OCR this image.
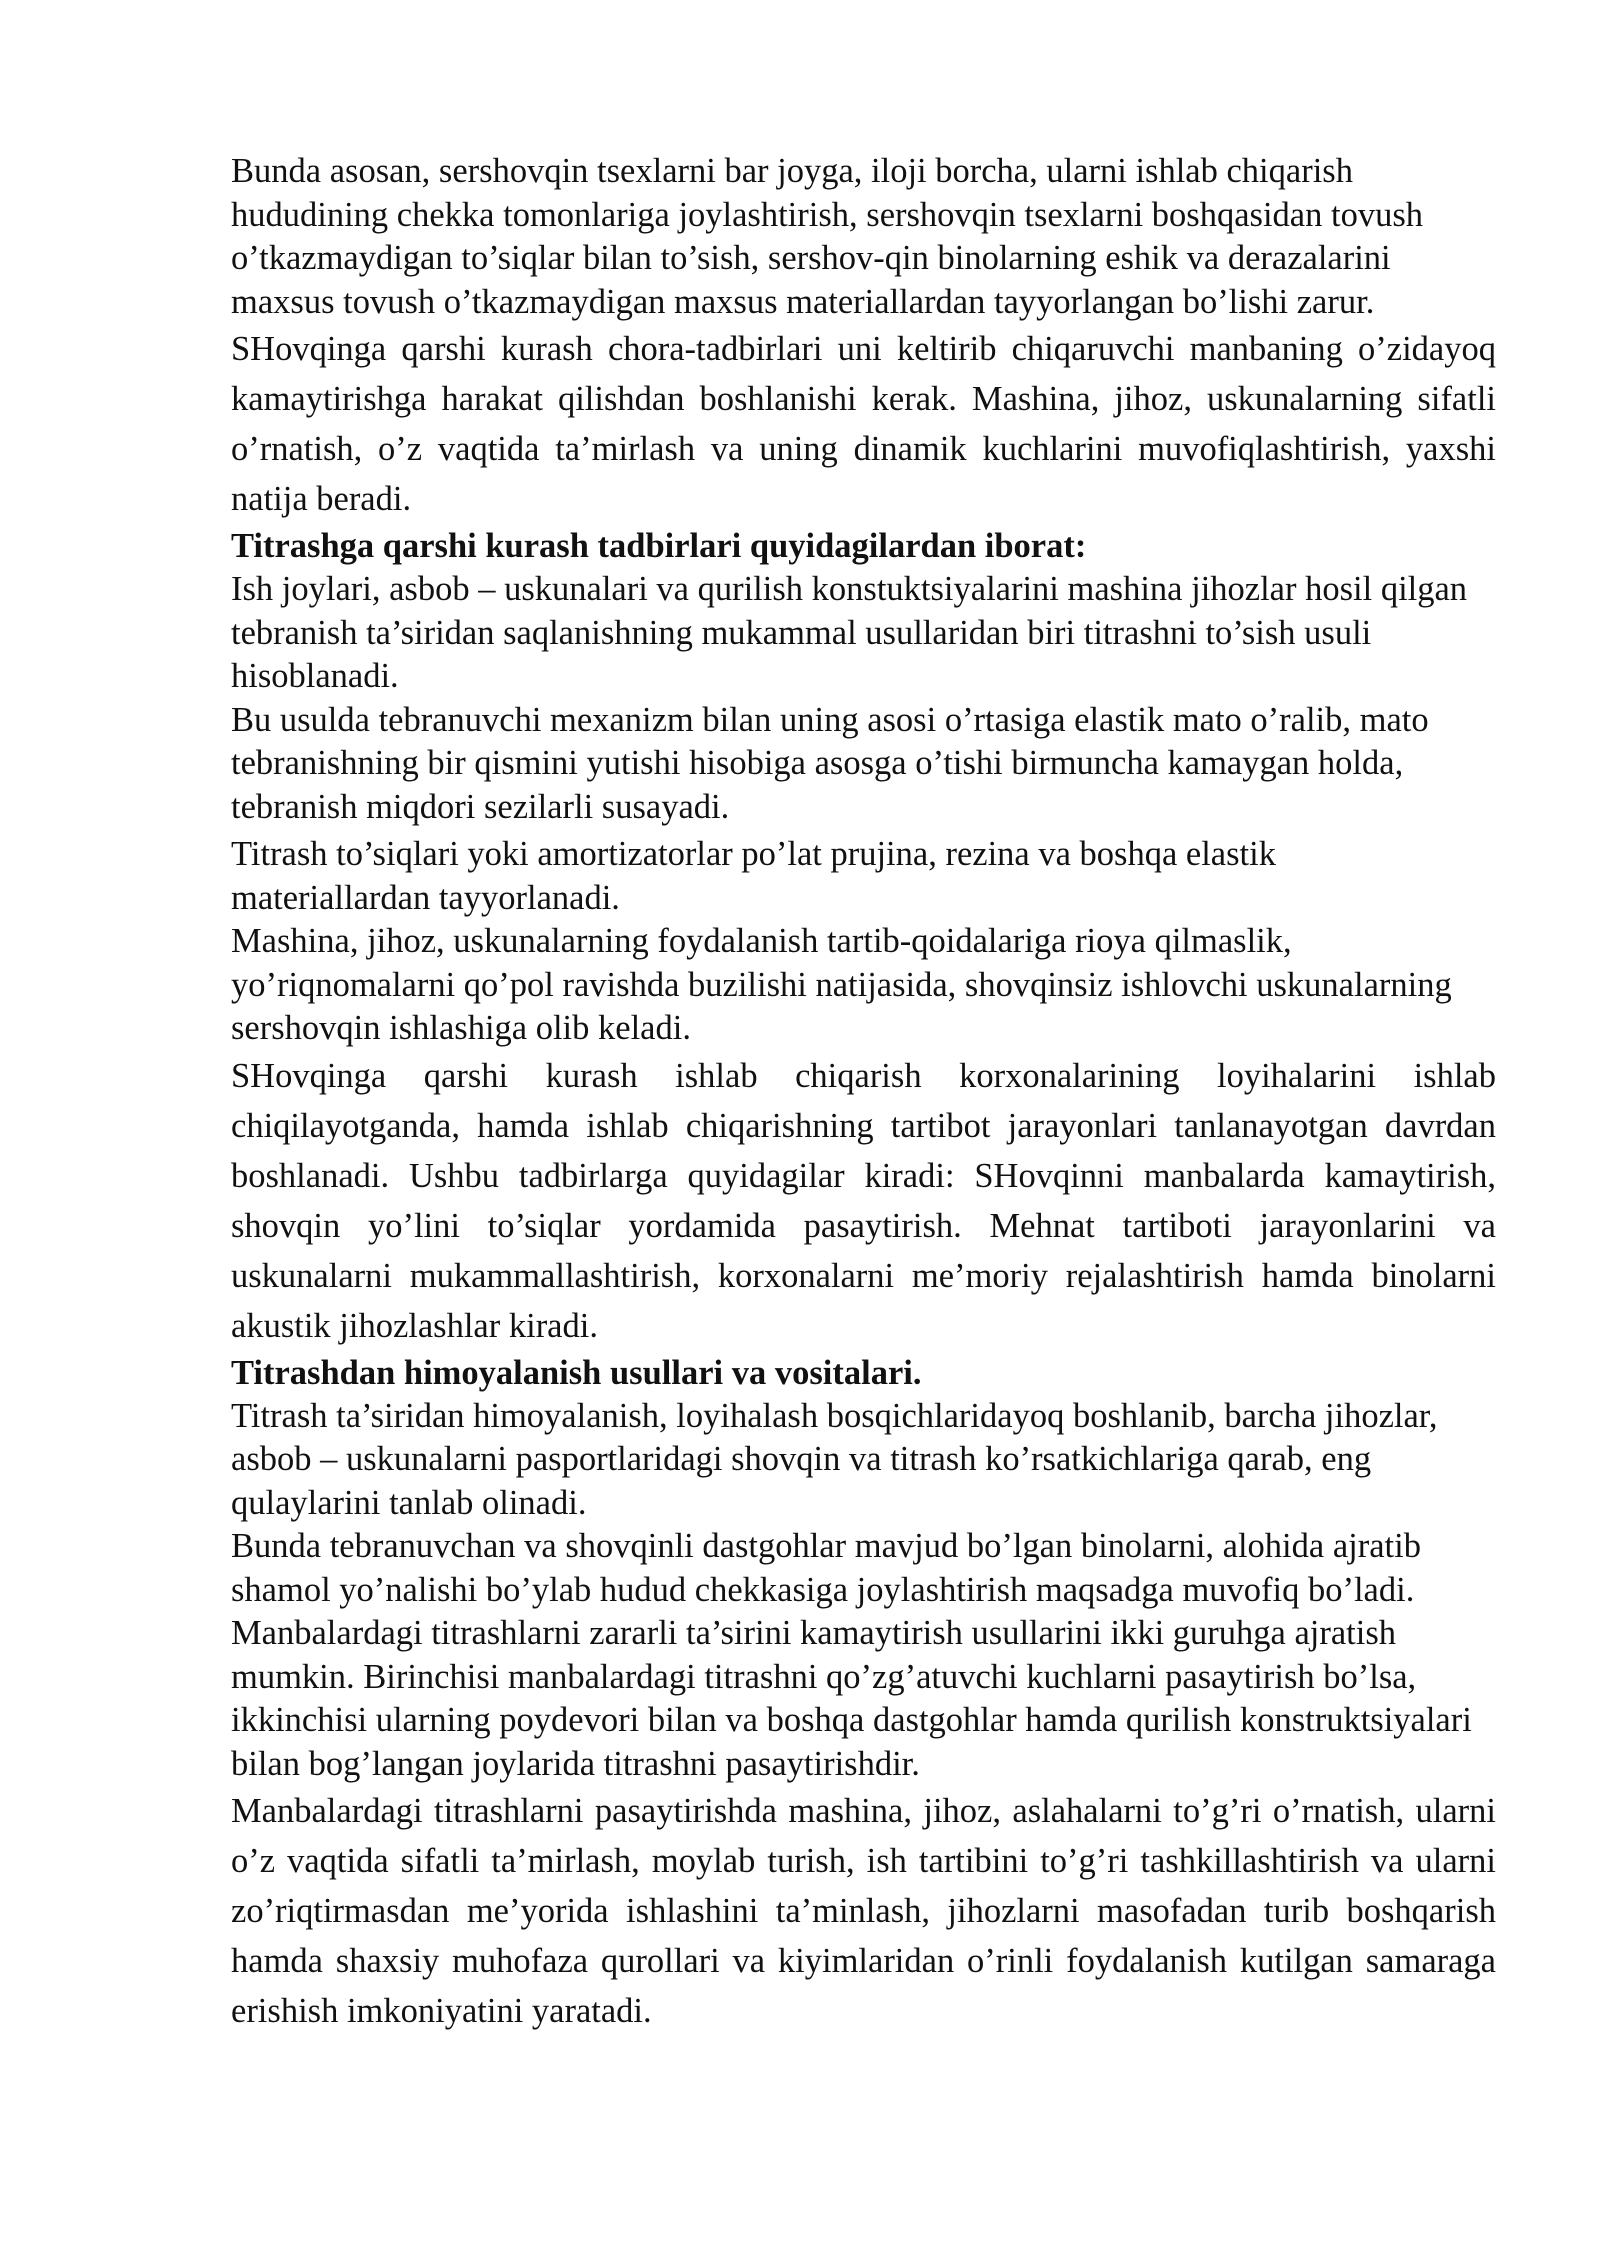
Bunda asosan, sershovqin tsexlarni bar joyga, iloji borcha, ularni ishlab chiqarish hududining chekka tomonlariga joylashtirish, sershovqin tsexlarni boshqasidan tovush o’tkazmaydigan to’siqlar bilan to’sish, sershov-qin binolarning eshik va derazalarini maxsus tovush o’tkazmaydigan maxsus materiallardan tayyorlangan bo’lishi zarur.

SHovqinga qarshi kurash chora-tadbirlari uni keltirib chiqaruvchi manbaning o’zidayoq kamaytirishga harakat qilishdan boshlanishi kerak. Mashina, jihoz, uskunalarning sifatli o’rnatish, o’z vaqtida ta’mirlash va uning dinamik kuchlarini muvofiqlashtirish, yaxshi natija beradi.

Titrashga qarshi kurash tadbirlari quyidagilardan iborat:

Ish joylari, asbob – uskunalari va qurilish konstuktsiyalarini mashina jihozlar hosil qilgan tebranish ta’siridan saqlanishning mukammal usullaridan biri titrashni to’sish usuli hisoblanadi.

Bu usulda tebranuvchi mexanizm bilan uning asosi o’rtasiga elastik mato o’ralib, mato tebranishning bir qismini yutishi hisobiga asosga o’tishi birmuncha kamaygan holda, tebranish miqdori sezilarli susayadi.

Titrash to’siqlari yoki amortizatorlar po’lat prujina, rezina va boshqa elastik materiallardan tayyorlanadi.

Mashina, jihoz, uskunalarning foydalanish tartib-qoidalariga rioya qilmaslik, yo’riqnomalarni qo’pol ravishda buzilishi natijasida, shovqinsiz ishlovchi uskunalarning sershovqin ishlashiga olib keladi.

SHovqinga qarshi kurash ishlab chiqarish korxonalarining loyihalarini ishlab chiqilayotganda, hamda ishlab chiqarishning tartibot jarayonlari tanlanayotgan davrdan boshlanadi. Ushbu tadbirlarga quyidagilar kiradi: SHovqinni manbalarda kamaytirish, shovqin yo’lini to’siqlar yordamida pasaytirish. Mehnat tartiboti jarayonlarini va uskunalarni mukammallashtirish, korxonalarni me’moriy rejalashtirish hamda binolarni akustik jihozlashlar kiradi.

Titrashdan himoyalanish usullari va vositalari.

Titrash ta’siridan himoyalanish, loyihalash bosqichlaridayoq boshlanib, barcha jihozlar, asbob – uskunalarni pasportlaridagi shovqin va titrash ko’rsatkichlariga qarab, eng qulaylarini tanlab olinadi.

Bunda tebranuvchan va shovqinli dastgohlar mavjud bo’lgan binolarni, alohida ajratib shamol yo’nalishi bo’ylab hudud chekkasiga joylashtirish maqsadga muvofiq bo’ladi.

Manbalardagi titrashlarni zararli ta’sirini kamaytirish usullarini ikki guruhga ajratish mumkin. Birinchisi manbalardagi titrashni qo’zg’atuvchi kuchlarni pasaytirish bo’lsa, ikkinchisi ularning poydevori bilan va boshqa dastgohlar hamda qurilish konstruktsiyalari bilan bog’langan joylarida titrashni pasaytirishdir.

Manbalardagi titrashlarni pasaytirishda mashina, jihoz, aslahalarni to’g’ri o’rnatish, ularni o’z vaqtida sifatli ta’mirlash, moylab turish, ish tartibini to’g’ri tashkillashtirish va ularni zo’riqtirmasdan me’yorida ishlashini ta’minlash, jihozlarni masofadan turib boshqarish hamda shaxsiy muhofaza qurollari va kiyimlaridan o’rinli foydalanish kutilgan samaraga erishish imkoniyatini yaratadi.
